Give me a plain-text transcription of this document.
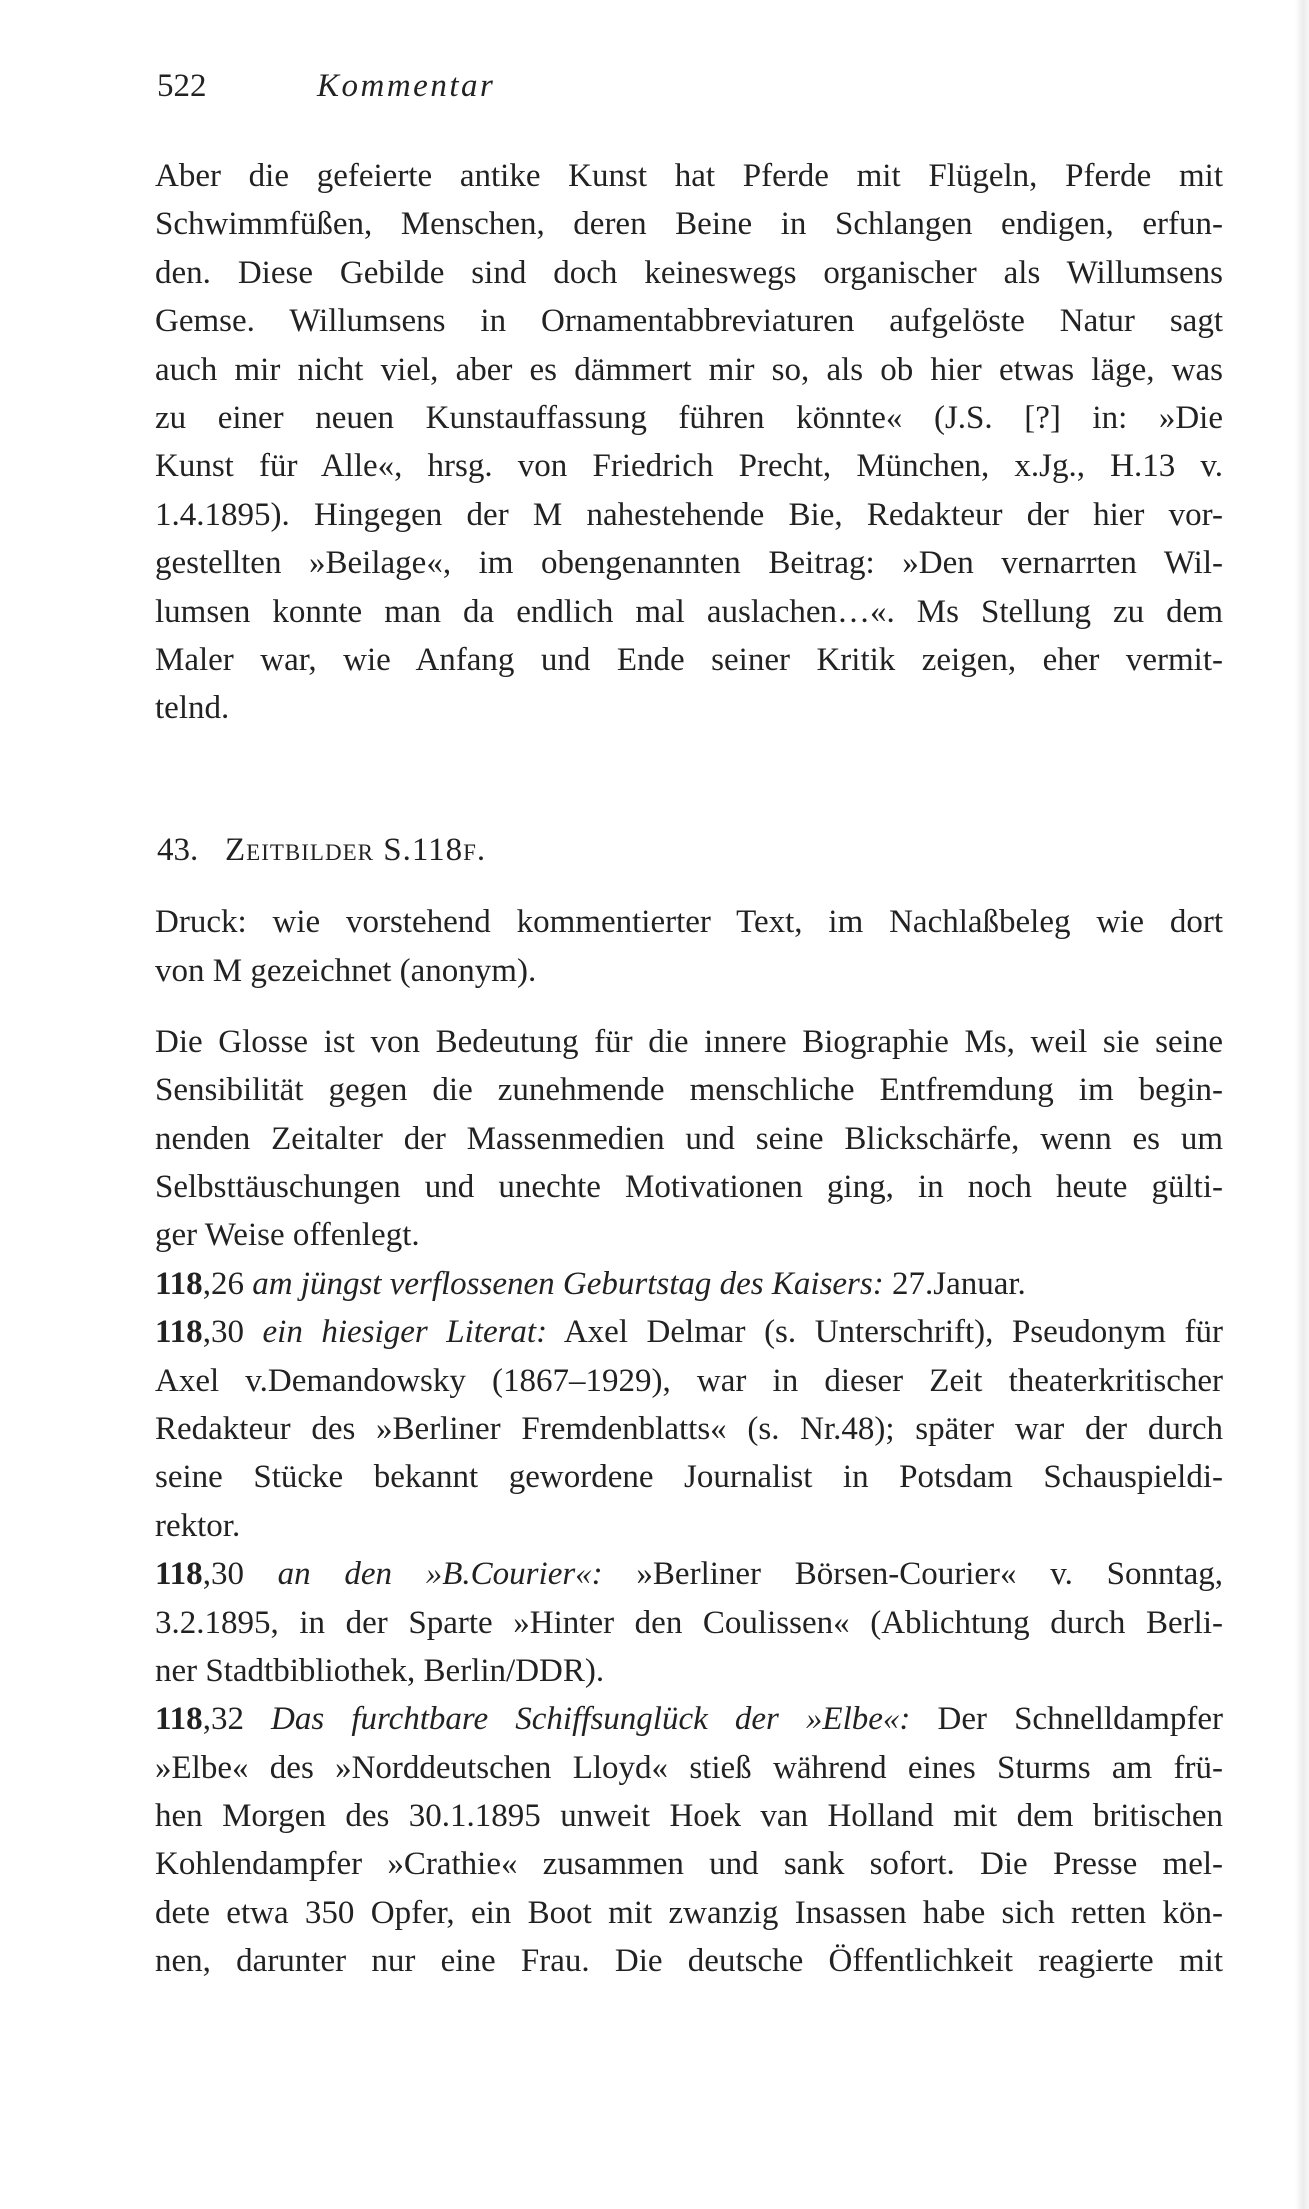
522	Kommentar
Aber die gefeierte antike Kunst hat Pferde mit Flügeln, Pferde mit
Schwimmfüßen, Menschen, deren Beine in Schlangen endigen, erfun-
den. Diese Gebilde sind doch keineswegs organischer als Willumsens
Gemse. Willumsens in Ornamentabbreviaturen aufgelöste Natur sagt
auch mir nicht viel, aber es dämmert mir so, als ob hier etwas läge, was
zu einer neuen Kunstauffassung führen könnte« (J.S. [?] in: »Die
Kunst für Alle«, hrsg. von Friedrich Precht, München, x.Jg., H.13 v.
1.4.1895). Hingegen der M nahestehende Bie, Redakteur der hier vor-
gestellten »Beilage«, im obengenannten Beitrag: »Den vernarrten Wil-
lumsen konnte man da endlich mal auslachen…«. Ms Stellung zu dem
Maler war, wie Anfang und Ende seiner Kritik zeigen, eher vermit-
telnd.
43. Zeitbilder S.118f.
Druck: wie vorstehend kommentierter Text, im Nachlaßbeleg wie dort
von M gezeichnet (anonym).
Die Glosse ist von Bedeutung für die innere Biographie Ms, weil sie seine
Sensibilität gegen die zunehmende menschliche Entfremdung im begin-
nenden Zeitalter der Massenmedien und seine Blickschärfe, wenn es um
Selbsttäuschungen und unechte Motivationen ging, in noch heute gülti-
ger Weise offenlegt.
118,26 am jüngst verflossenen Geburtstag des Kaisers: 27.Januar.
118,30 ein hiesiger Literat: Axel Delmar (s. Unterschrift), Pseudonym für
Axel v.Demandowsky (1867–1929), war in dieser Zeit theaterkritischer
Redakteur des »Berliner Fremdenblatts« (s. Nr.48); später war der durch
seine Stücke bekannt gewordene Journalist in Potsdam Schauspieldi-
rektor.
118,30 an den »B.Courier«: »Berliner Börsen-Courier« v. Sonntag,
3.2.1895, in der Sparte »Hinter den Coulissen« (Ablichtung durch Berli-
ner Stadtbibliothek, Berlin/DDR).
118,32 Das furchtbare Schiffsunglück der »Elbe«: Der Schnelldampfer
»Elbe« des »Norddeutschen Lloyd« stieß während eines Sturms am frü-
hen Morgen des 30.1.1895 unweit Hoek van Holland mit dem britischen
Kohlendampfer »Crathie« zusammen und sank sofort. Die Presse mel-
dete etwa 350 Opfer, ein Boot mit zwanzig Insassen habe sich retten kön-
nen, darunter nur eine Frau. Die deutsche Öffentlichkeit reagierte mit
